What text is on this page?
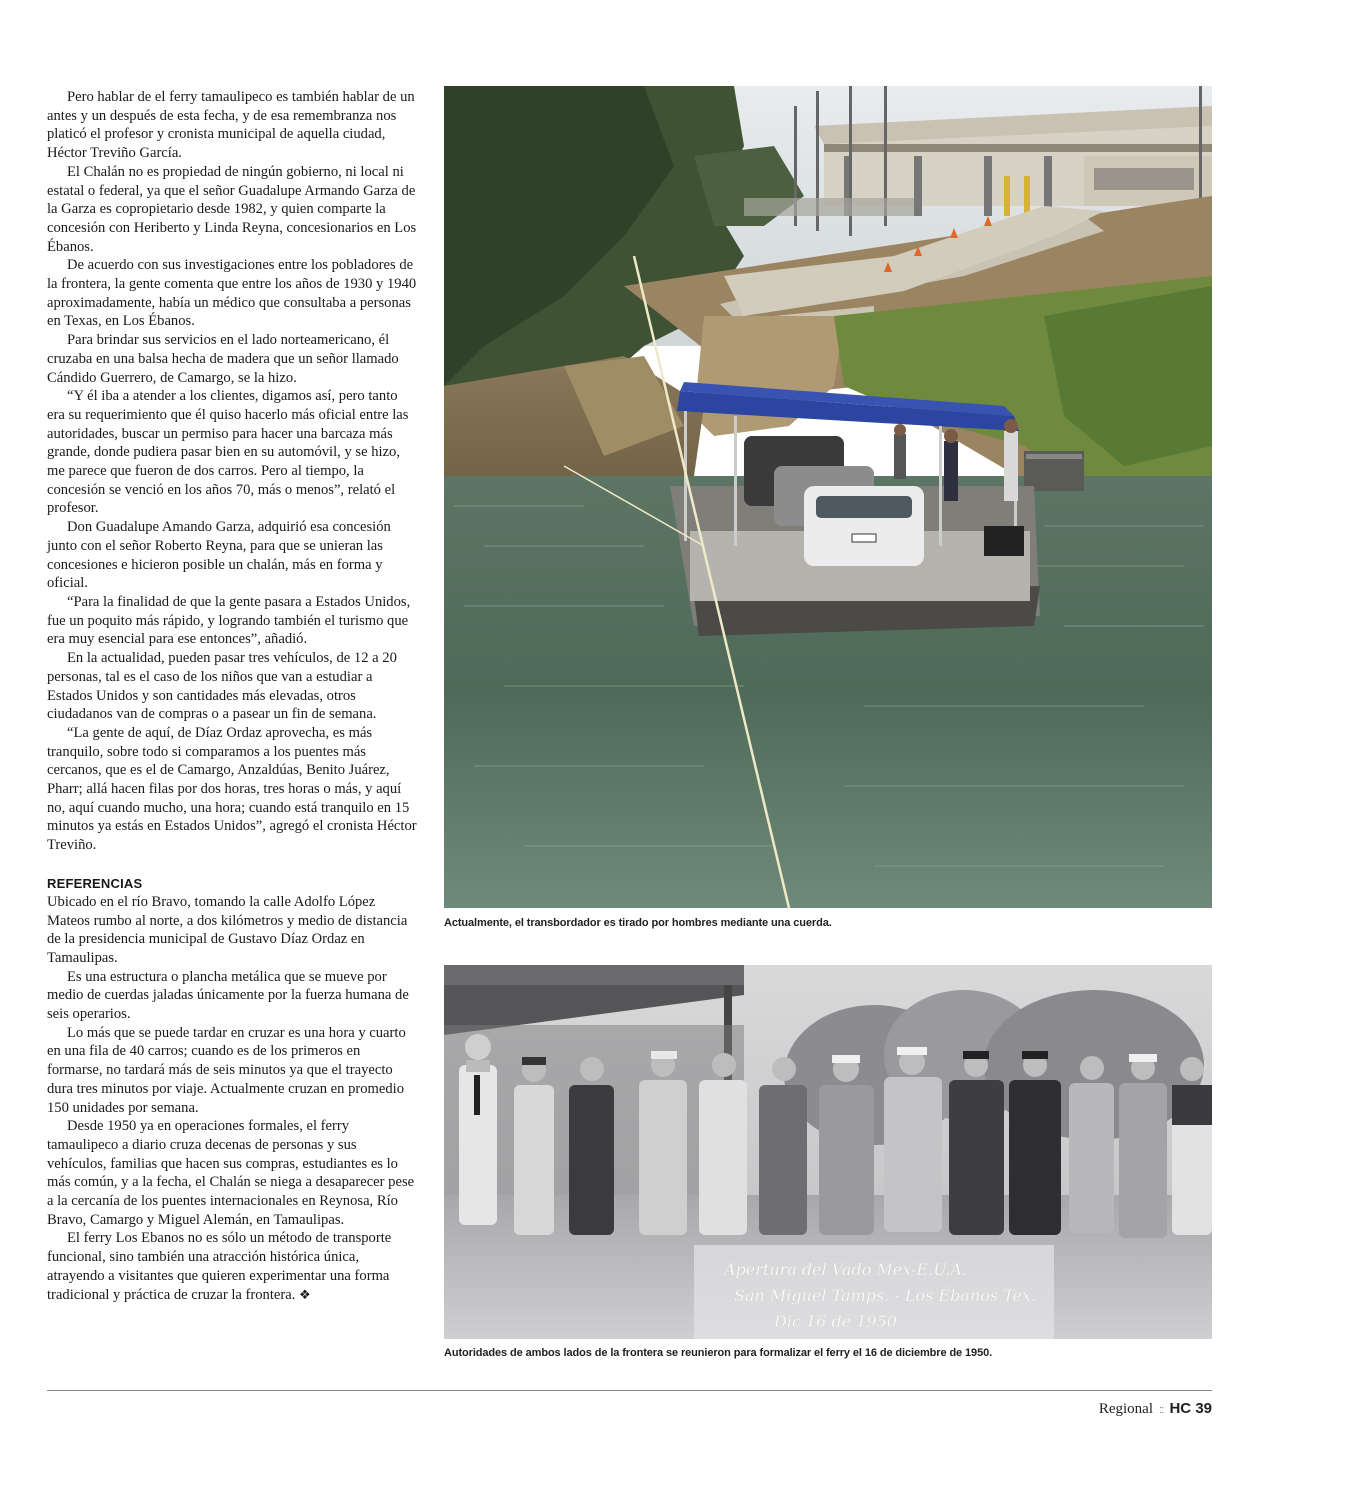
Pero hablar de el ferry tamaulipeco es también hablar de un antes y un después de esta fecha, y de esa remembranza nos platicó el profesor y cronista municipal de aquella ciudad, Héctor Treviño García.

El Chalán no es propiedad de ningún gobierno, ni local ni estatal o federal, ya que el señor Guadalupe Armando Garza de la Garza es copropietario desde 1982, y quien comparte la concesión con Heriberto y Linda Reyna, concesionarios en Los Ébanos.

De acuerdo con sus investigaciones entre los pobladores de la frontera, la gente comenta que entre los años de 1930 y 1940 aproximadamente, había un médico que consultaba a personas en Texas, en Los Ébanos.

Para brindar sus servicios en el lado norteamericano, él cruzaba en una balsa hecha de madera que un señor llamado Cándido Guerrero, de Camargo, se la hizo.

“Y él iba a atender a los clientes, digamos así, pero tanto era su requerimiento que él quiso hacerlo más oficial entre las autoridades, buscar un permiso para hacer una barcaza más grande, donde pudiera pasar bien en su automóvil, y se hizo, me parece que fueron de dos carros. Pero al tiempo, la concesión se venció en los años 70, más o menos”, relató el profesor.

Don Guadalupe Amando Garza, adquirió esa concesión junto con el señor Roberto Reyna, para que se unieran las concesiones e hicieron posible un chalán, más en forma y oficial.

“Para la finalidad de que la gente pasara a Estados Unidos, fue un poquito más rápido, y logrando también el turismo que era muy esencial para ese entonces”, añadió.

En la actualidad, pueden pasar tres vehículos, de 12 a 20 personas, tal es el caso de los niños que van a estudiar a Estados Unidos y son cantidades más elevadas, otros ciudadanos van de compras o a pasear un fin de semana.

“La gente de aquí, de Díaz Ordaz aprovecha, es más tranquilo, sobre todo si comparamos a los puentes más cercanos, que es el de Camargo, Anzaldúas, Benito Juárez, Pharr; allá hacen filas por dos horas, tres horas o más, y aquí no, aquí cuando mucho, una hora; cuando está tranquilo en 15 minutos ya estás en Estados Unidos”, agregó el cronista Héctor Treviño.

REFERENCIAS

Ubicado en el río Bravo, tomando la calle Adolfo López Mateos rumbo al norte, a dos kilómetros y medio de distancia de la presidencia municipal de Gustavo Díaz Ordaz en Tamaulipas.

Es una estructura o plancha metálica que se mueve por medio de cuerdas jaladas únicamente por la fuerza humana de seis operarios.

Lo más que se puede tardar en cruzar es una hora y cuarto en una fila de 40 carros; cuando es de los primeros en formarse, no tardará más de seis minutos ya que el trayecto dura tres minutos por viaje. Actualmente cruzan en promedio 150 unidades por semana.

Desde 1950 ya en operaciones formales, el ferry tamaulipeco a diario cruza decenas de personas y sus vehículos, familias que hacen sus compras, estudiantes es lo más común, y a la fecha, el Chalán se niega a desaparecer pese a la cercanía de los puentes internacionales en Reynosa, Río Bravo, Camargo y Miguel Alemán, en Tamaulipas.

El ferry Los Ebanos no es sólo un método de transporte funcional, sino también una atracción histórica única, atrayendo a visitantes que quieren experimentar una forma tradicional y práctica de cruzar la frontera. ❖

Actualmente, el transbordador es tirado por hombres mediante una cuerda.
Apertura del Vado Mex-E.U.A.
San Miguel Tamps. - Los Ébanos Tex.
Dic 16 de 1950
Autoridades de ambos lados de la frontera se reunieron para formalizar el ferry el 16 de diciembre de 1950.
Regional :: HC 39
